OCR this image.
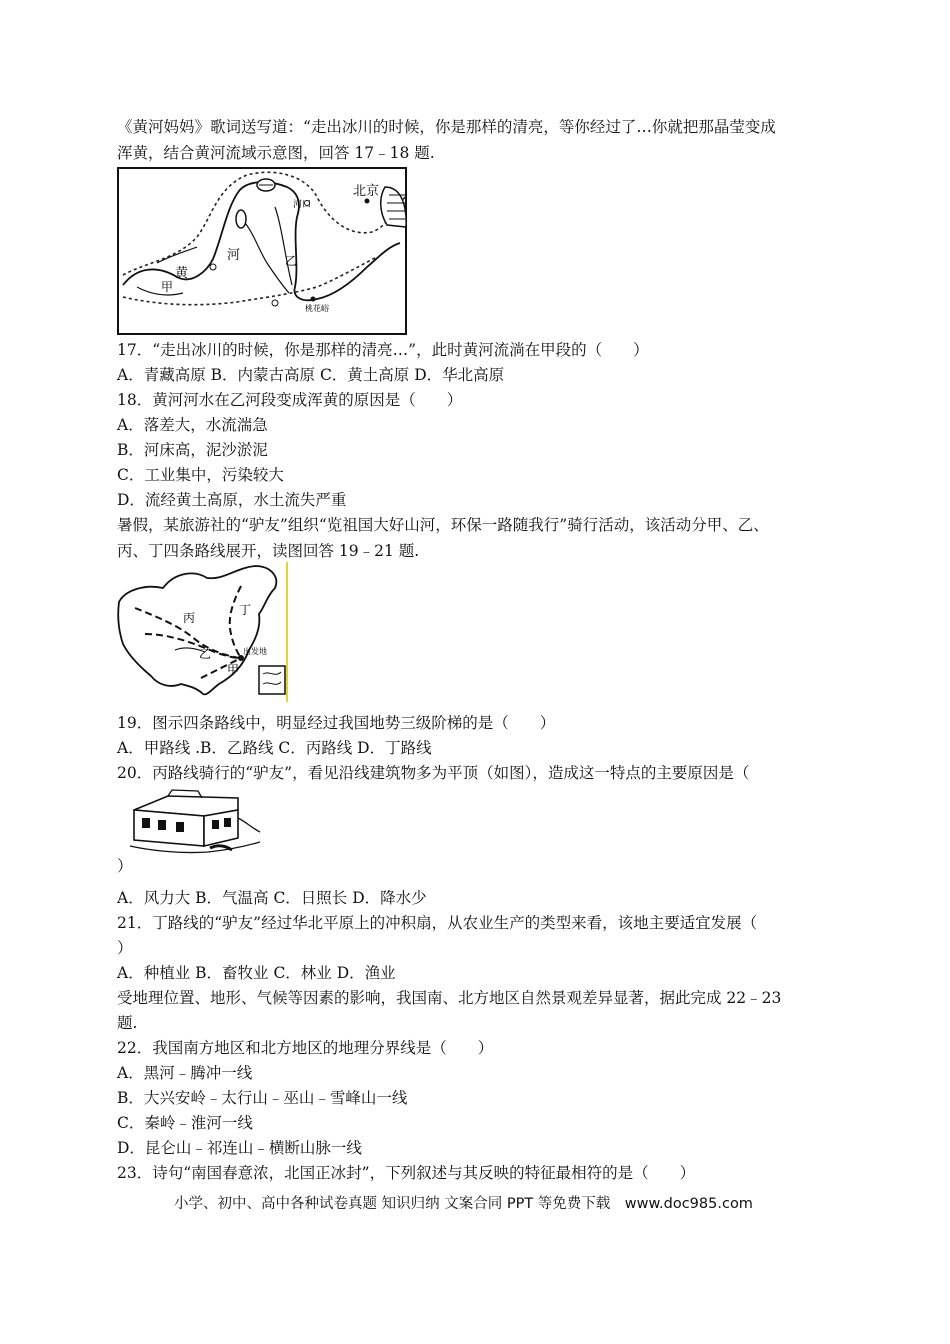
《黄河妈妈》歌词送写道：“走出冰川的时候，你是那样的清亮，等你经过了…你就把那晶莹变成
浑黄，结合黄河流域示意图，回答 17﹣18 题.
北京
河口
河
黄
甲
乙
桃花峪
17．“走出冰川的时候，你是那样的清亮…”，此时黄河流淌在甲段的（　　）
A．青藏高原 B．内蒙古高原 C．黄土高原 D．华北高原
18．黄河河水在乙河段变成浑黄的原因是（　　）
A．落差大，水流湍急
B．河床高，泥沙淤泥
C．工业集中，污染较大
D．流经黄土高原，水土流失严重
暑假，某旅游社的“驴友”组织“览祖国大好山河，环保一路随我行”骑行活动，该活动分甲、乙、
丙、丁四条路线展开，读图回答 19﹣21 题.
丙
丁
乙
甲
出发地
19．图示四条路线中，明显经过我国地势三级阶梯的是（　　）
A．甲路线 .B．乙路线 C．丙路线 D．丁路线
20．丙路线骑行的“驴友”，看见沿线建筑物多为平顶（如图），造成这一特点的主要原因是（
）
A．风力大 B．气温高 C．日照长 D．降水少
21．丁路线的“驴友”经过华北平原上的冲积扇，从农业生产的类型来看，该地主要适宜发展（
）
A．种植业 B．畜牧业 C．林业 D．渔业
受地理位置、地形、气候等因素的影响，我国南、北方地区自然景观差异显著，据此完成 22﹣23
题.
22．我国南方地区和北方地区的地理分界线是（　　）
A．黑河﹣腾冲一线
B．大兴安岭﹣太行山﹣巫山﹣雪峰山一线
C．秦岭﹣淮河一线
D．昆仑山﹣祁连山﹣横断山脉一线
23．诗句“南国春意浓，北国正冰封”，下列叙述与其反映的特征最相符的是（　　）
小学、初中、高中各种试卷真题 知识归纳 文案合同 PPT 等免费下载　www.doc985.com
